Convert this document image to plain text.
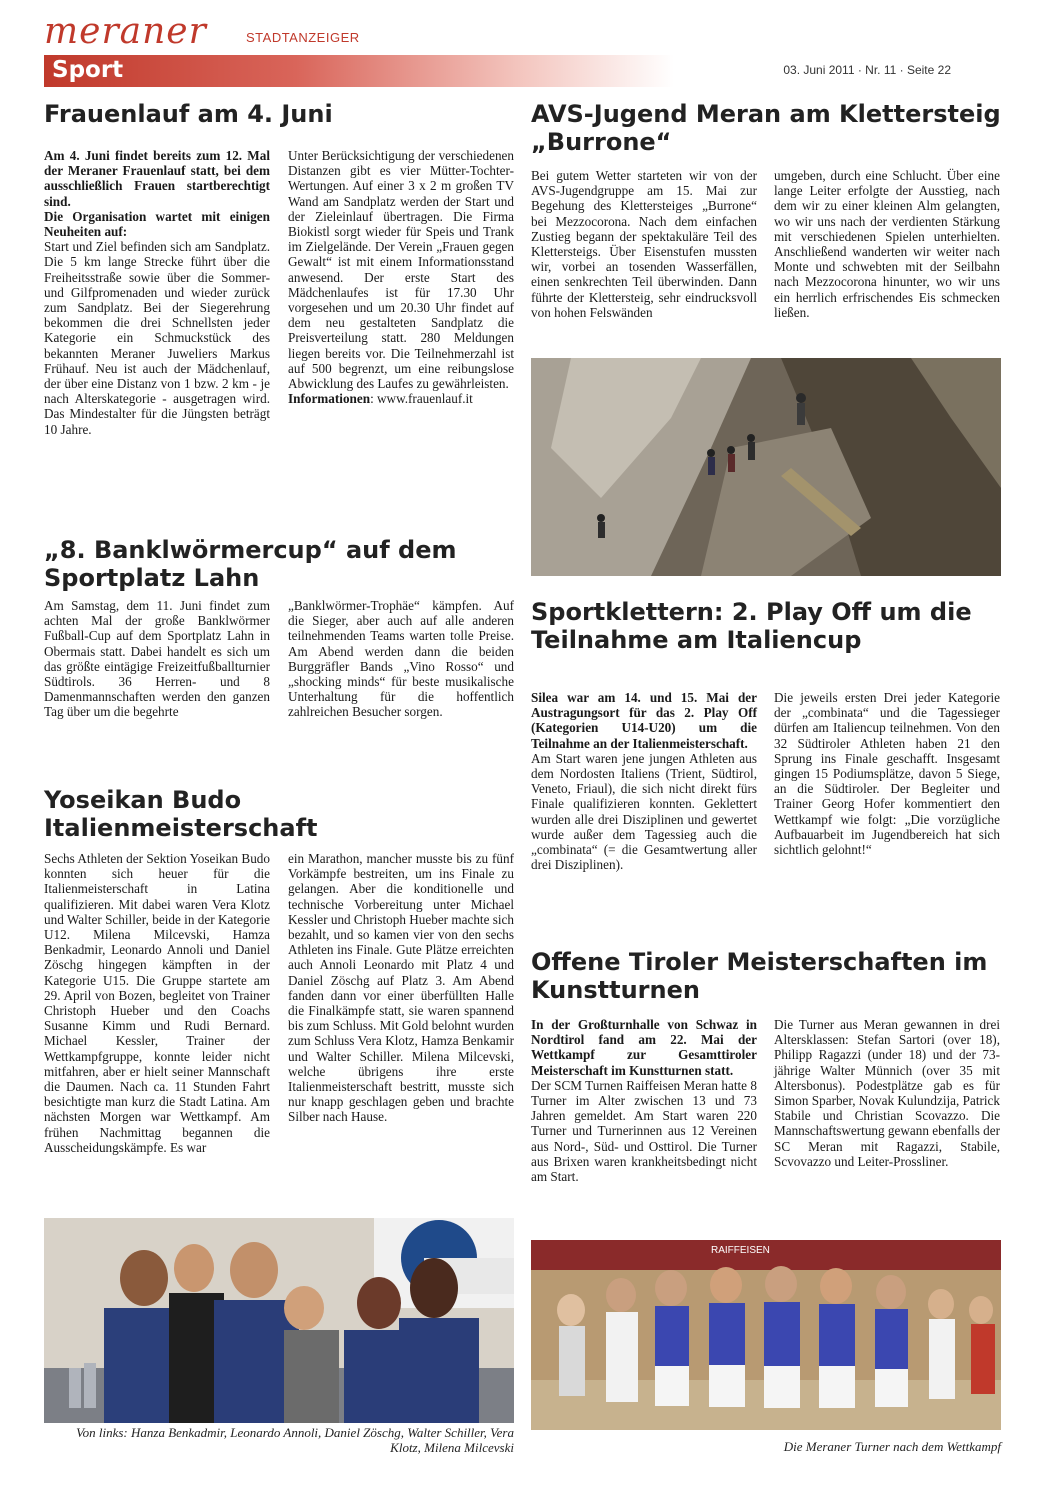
meraner	STADTANZEIGER
Sport	03. Juni 2011 · Nr. 11 · Seite 22
Frauenlauf am 4. Juni

Am 4. Juni findet bereits zum 12. Mal der Meraner Frauenlauf statt, bei dem ausschließlich Frauen startberechtigt sind.

Die Organisation wartet mit einigen Neuheiten auf:

Start und Ziel befinden sich am Sandplatz. Die 5 km lange Strecke führt über die Freiheitsstraße sowie über die Sommer- und Gilfpromenaden und wieder zurück zum Sandplatz. Bei der Siegerehrung bekommen die drei Schnellsten jeder Kategorie ein Schmuckstück des bekannten Meraner Juweliers Markus Frühauf. Neu ist auch der Mädchenlauf, der über eine Distanz von 1 bzw. 2 km - je nach Alterskategorie - ausgetragen wird. Das Mindestalter für die Jüngsten beträgt 10 Jahre.

Unter Berücksichtigung der verschiedenen Distanzen gibt es vier Mütter-Tochter-Wertungen. Auf einer 3 x 2 m großen TV Wand am Sandplatz werden der Start und der Zieleinlauf übertragen. Die Firma Biokistl sorgt wieder für Speis und Trank im Zielgelände. Der Verein „Frauen gegen Gewalt“ ist mit einem Informationsstand anwesend. Der erste Start des Mädchenlaufes ist für 17.30 Uhr vorgesehen und um 20.30 Uhr findet auf dem neu gestalteten Sandplatz die Preisverteilung statt. 280 Meldungen liegen bereits vor. Die Teilnehmerzahl ist auf 500 begrenzt, um eine reibungslose Abwicklung des Laufes zu gewährleisten.

Informationen: www.frauenlauf.it

AVS-Jugend Meran am Klettersteig „Burrone“

Bei gutem Wetter starteten wir von der AVS-Jugendgruppe am 15. Mai zur Begehung des Klettersteiges „Burrone“ bei Mezzocorona. Nach dem einfachen Zustieg begann der spektakuläre Teil des Klettersteigs. Über Eisenstufen mussten wir, vorbei an tosenden Wasserfällen, einen senkrechten Teil überwinden. Dann führte der Klettersteig, sehr eindrucksvoll von hohen Felswänden

umgeben, durch eine Schlucht. Über eine lange Leiter erfolgte der Ausstieg, nach dem wir zu einer kleinen Alm gelangten, wo wir uns nach der verdienten Stärkung mit verschiedenen Spielen unterhielten. Anschließend wanderten wir weiter nach Monte und schwebten mit der Seilbahn nach Mezzocorona hinunter, wo wir uns ein herrlich erfrischendes Eis schmecken ließen.

„8. Banklwörmercup“ auf dem Sportplatz Lahn

Am Samstag, dem 11. Juni findet zum achten Mal der große Banklwörmer Fußball-Cup auf dem Sportplatz Lahn in Obermais statt. Dabei handelt es sich um das größte eintägige Freizeitfußballturnier Südtirols. 36 Herren- und 8 Damenmannschaften werden den ganzen Tag über um die begehrte

„Banklwörmer-Trophäe“ kämpfen. Auf die Sieger, aber auch auf alle anderen teilnehmenden Teams warten tolle Preise. Am Abend werden dann die beiden Burggräfler Bands „Vino Rosso“ und „shocking minds“ für beste musikalische Unterhaltung für die hoffentlich zahlreichen Besucher sorgen.

Sportklettern: 2. Play Off um die Teilnahme am Italiencup

Silea war am 14. und 15. Mai der Austragungsort für das 2. Play Off (Kategorien U14-U20) um die Teilnahme an der Italienmeisterschaft.

Am Start waren jene jungen Athleten aus dem Nordosten Italiens (Trient, Südtirol, Veneto, Friaul), die sich nicht direkt fürs Finale qualifizieren konnten. Geklettert wurden alle drei Disziplinen und gewertet wurde außer dem Tagessieg auch die „combinata“ (= die Gesamtwertung aller drei Disziplinen).

Die jeweils ersten Drei jeder Kategorie der „combinata“ und die Tagessieger dürfen am Italiencup teilnehmen. Von den 32 Südtiroler Athleten haben 21 den Sprung ins Finale geschafft. Insgesamt gingen 15 Podiumsplätze, davon 5 Siege, an die Südtiroler. Der Begleiter und Trainer Georg Hofer kommentiert den Wettkampf wie folgt: „Die vorzügliche Aufbauarbeit im Jugendbereich hat sich sichtlich gelohnt!“

Yoseikan Budo Italienmeisterschaft

Sechs Athleten der Sektion Yoseikan Budo konnten sich heuer für die Italienmeisterschaft in Latina qualifizieren. Mit dabei waren Vera Klotz und Walter Schiller, beide in der Kategorie U12. Milena Milcevski, Hamza Benkadmir, Leonardo Annoli und Daniel Zöschg hingegen kämpften in der Kategorie U15. Die Gruppe startete am 29. April von Bozen, begleitet von Trainer Christoph Hueber und den Coachs Susanne Kimm und Rudi Bernard. Michael Kessler, Trainer der Wettkampfgruppe, konnte leider nicht mitfahren, aber er hielt seiner Mannschaft die Daumen. Nach ca. 11 Stunden Fahrt besichtigte man kurz die Stadt Latina. Am nächsten Morgen war Wettkampf. Am frühen Nachmittag begannen die Ausscheidungskämpfe. Es war

ein Marathon, mancher musste bis zu fünf Vorkämpfe bestreiten, um ins Finale zu gelangen. Aber die konditionelle und technische Vorbereitung unter Michael Kessler und Christoph Hueber machte sich bezahlt, und so kamen vier von den sechs Athleten ins Finale. Gute Plätze erreichten auch Annoli Leonardo mit Platz 4 und Daniel Zöschg auf Platz 3. Am Abend fanden dann vor einer überfüllten Halle die Finalkämpfe statt, sie waren spannend bis zum Schluss. Mit Gold belohnt wurden zum Schluss Vera Klotz, Hamza Benkamir und Walter Schiller. Milena Milcevski, welche übrigens ihre erste Italienmeisterschaft bestritt, musste sich nur knapp geschlagen geben und brachte Silber nach Hause.

Von links: Hanza Benkadmir, Leonardo Annoli, Daniel Zöschg, Walter Schiller, Vera Klotz, Milena Milcevski
Offene Tiroler Meisterschaften im Kunstturnen

In der Großturnhalle von Schwaz in Nordtirol fand am 22. Mai der Wettkampf zur Gesamttiroler Meisterschaft im Kunstturnen statt.

Der SCM Turnen Raiffeisen Meran hatte 8 Turner im Alter zwischen 13 und 73 Jahren gemeldet. Am Start waren 220 Turner und Turnerinnen aus 12 Vereinen aus Nord-, Süd- und Osttirol. Die Turner aus Brixen waren krankheitsbedingt nicht am Start.

Die Turner aus Meran gewannen in drei Altersklassen: Stefan Sartori (over 18), Philipp Ragazzi (under 18) und der 73-jährige Walter Münnich (over 35 mit Altersbonus). Podestplätze gab es für Simon Sparber, Novak Kulundzija, Patrick Stabile und Christian Scovazzo. Die Mannschaftswertung gewann ebenfalls der SC Meran mit Ragazzi, Stabile, Scvovazzo und Leiter-Prossliner.

RAIFFEISEN
Die Meraner Turner nach dem Wettkampf
